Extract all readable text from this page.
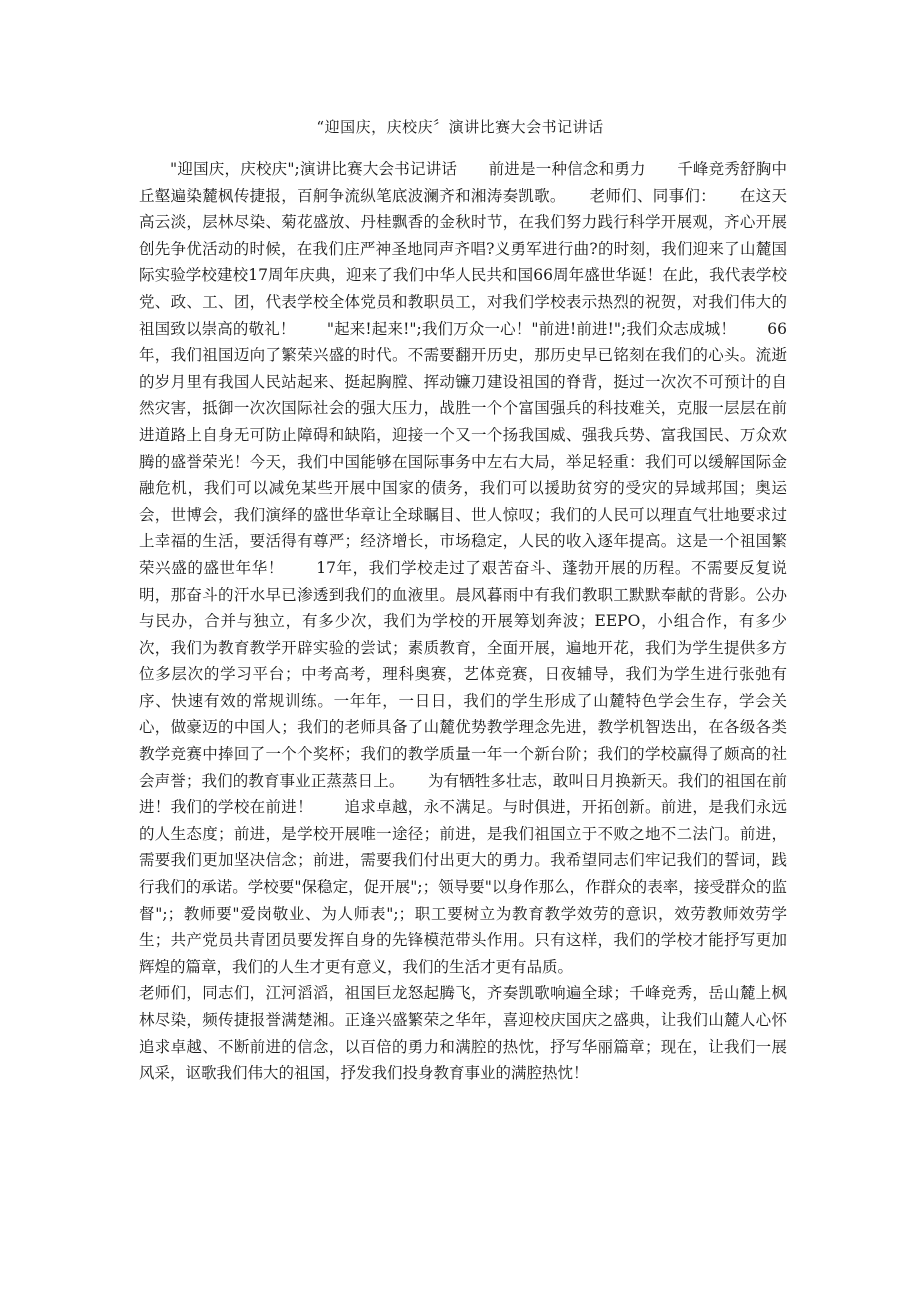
“迎国庆，庆校庆〞演讲比赛大会书记讲话

"迎国庆，庆校庆";演讲比赛大会书记讲话　　前进是一种信念和勇力　　千峰竞秀舒胸中丘壑遍染麓枫传捷报，百舸争流纵笔底波澜齐和湘涛奏凯歌。　　老师们、同事们：　　在这天高云淡，层林尽染、菊花盛放、丹桂飘香的金秋时节，在我们努力践行科学开展观，齐心开展创先争优活动的时候，在我们庄严神圣地同声齐唱?义勇军进行曲?的时刻，我们迎来了山麓国际实验学校建校17周年庆典，迎来了我们中华人民共和国66周年盛世华诞！在此，我代表学校党、政、工、团，代表学校全体党员和教职员工，对我们学校表示热烈的祝贺，对我们伟大的祖国致以崇高的敬礼！　　"起来!起来!";我们万众一心！"前进!前进!";我们众志成城！　　66年，我们祖国迈向了繁荣兴盛的时代。不需要翻开历史，那历史早已铭刻在我们的心头。流逝的岁月里有我国人民站起来、挺起胸膛、挥动镰刀建设祖国的脊背，挺过一次次不可预计的自然灾害，抵御一次次国际社会的强大压力，战胜一个个富国强兵的科技难关，克服一层层在前进道路上自身无可防止障碍和缺陷，迎接一个又一个扬我国威、强我兵势、富我国民、万众欢腾的盛誉荣光！今天，我们中国能够在国际事务中左右大局，举足轻重：我们可以缓解国际金融危机，我们可以减免某些开展中国家的债务，我们可以援助贫穷的受灾的异域邦国；奥运会，世博会，我们演绎的盛世华章让全球瞩目、世人惊叹；我们的人民可以理直气壮地要求过上幸福的生活，要活得有尊严；经济增长，市场稳定，人民的收入逐年提高。这是一个祖国繁荣兴盛的盛世年华！　　17年，我们学校走过了艰苦奋斗、蓬勃开展的历程。不需要反复说明，那奋斗的汗水早已渗透到我们的血液里。晨风暮雨中有我们教职工默默奉献的背影。公办与民办，合并与独立，有多少次，我们为学校的开展筹划奔波；EEPO，小组合作，有多少次，我们为教育教学开辟实验的尝试；素质教育，全面开展，遍地开花，我们为学生提供多方位多层次的学习平台；中考高考，理科奥赛，艺体竞赛，日夜辅导，我们为学生进行张弛有序、快速有效的常规训练。一年年，一日日，我们的学生形成了山麓特色学会生存，学会关心，做豪迈的中国人；我们的老师具备了山麓优势教学理念先进，教学机智迭出，在各级各类教学竞赛中捧回了一个个奖杯；我们的教学质量一年一个新台阶；我们的学校赢得了颇高的社会声誉；我们的教育事业正蒸蒸日上。　　为有牺牲多壮志，敢叫日月换新天。我们的祖国在前进！我们的学校在前进！　　追求卓越，永不满足。与时俱进，开拓创新。前进，是我们永远的人生态度；前进，是学校开展唯一途径；前进，是我们祖国立于不败之地不二法门。前进，需要我们更加坚决信念；前进，需要我们付出更大的勇力。我希望同志们牢记我们的誓词，践行我们的承诺。学校要"保稳定，促开展";；领导要"以身作那么，作群众的表率，接受群众的监督";；教师要"爱岗敬业、为人师表";；职工要树立为教育教学效劳的意识，效劳教师效劳学生；共产党员共青团员要发挥自身的先锋模范带头作用。只有这样，我们的学校才能抒写更加辉煌的篇章，我们的人生才更有意义，我们的生活才更有品质。

老师们，同志们，江河滔滔，祖国巨龙怒起腾飞，齐奏凯歌响遍全球；千峰竞秀，岳山麓上枫林尽染，频传捷报誉满楚湘。正逢兴盛繁荣之华年，喜迎校庆国庆之盛典，让我们山麓人心怀追求卓越、不断前进的信念，以百倍的勇力和满腔的热忱，抒写华丽篇章；现在，让我们一展风采，讴歌我们伟大的祖国，抒发我们投身教育事业的满腔热忱！
